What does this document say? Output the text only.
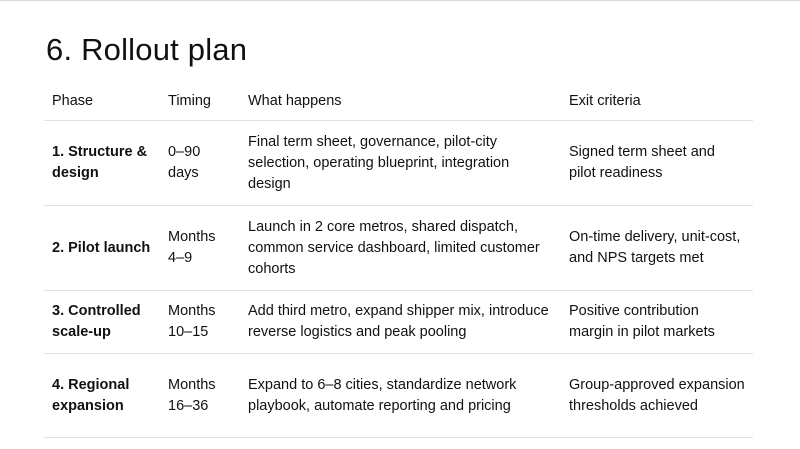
6. Rollout plan
Phase	Timing	What happens	Exit criteria
1. Structure & design	0–90 days	Final term sheet, governance, pilot-city selection, operating blueprint, integration design	Signed term sheet and pilot readiness
2. Pilot launch	Months 4–9	Launch in 2 core metros, shared dispatch, common service dashboard, limited customer cohorts	On-time delivery, unit-cost, and NPS targets met
3. Controlled scale-up	Months 10–15	Add third metro, expand shipper mix, introduce reverse logistics and peak pooling	Positive contribution margin in pilot markets
4. Regional expansion	Months 16–36	Expand to 6–8 cities, standardize network playbook, automate reporting and pricing	Group-approved expansion thresholds achieved
